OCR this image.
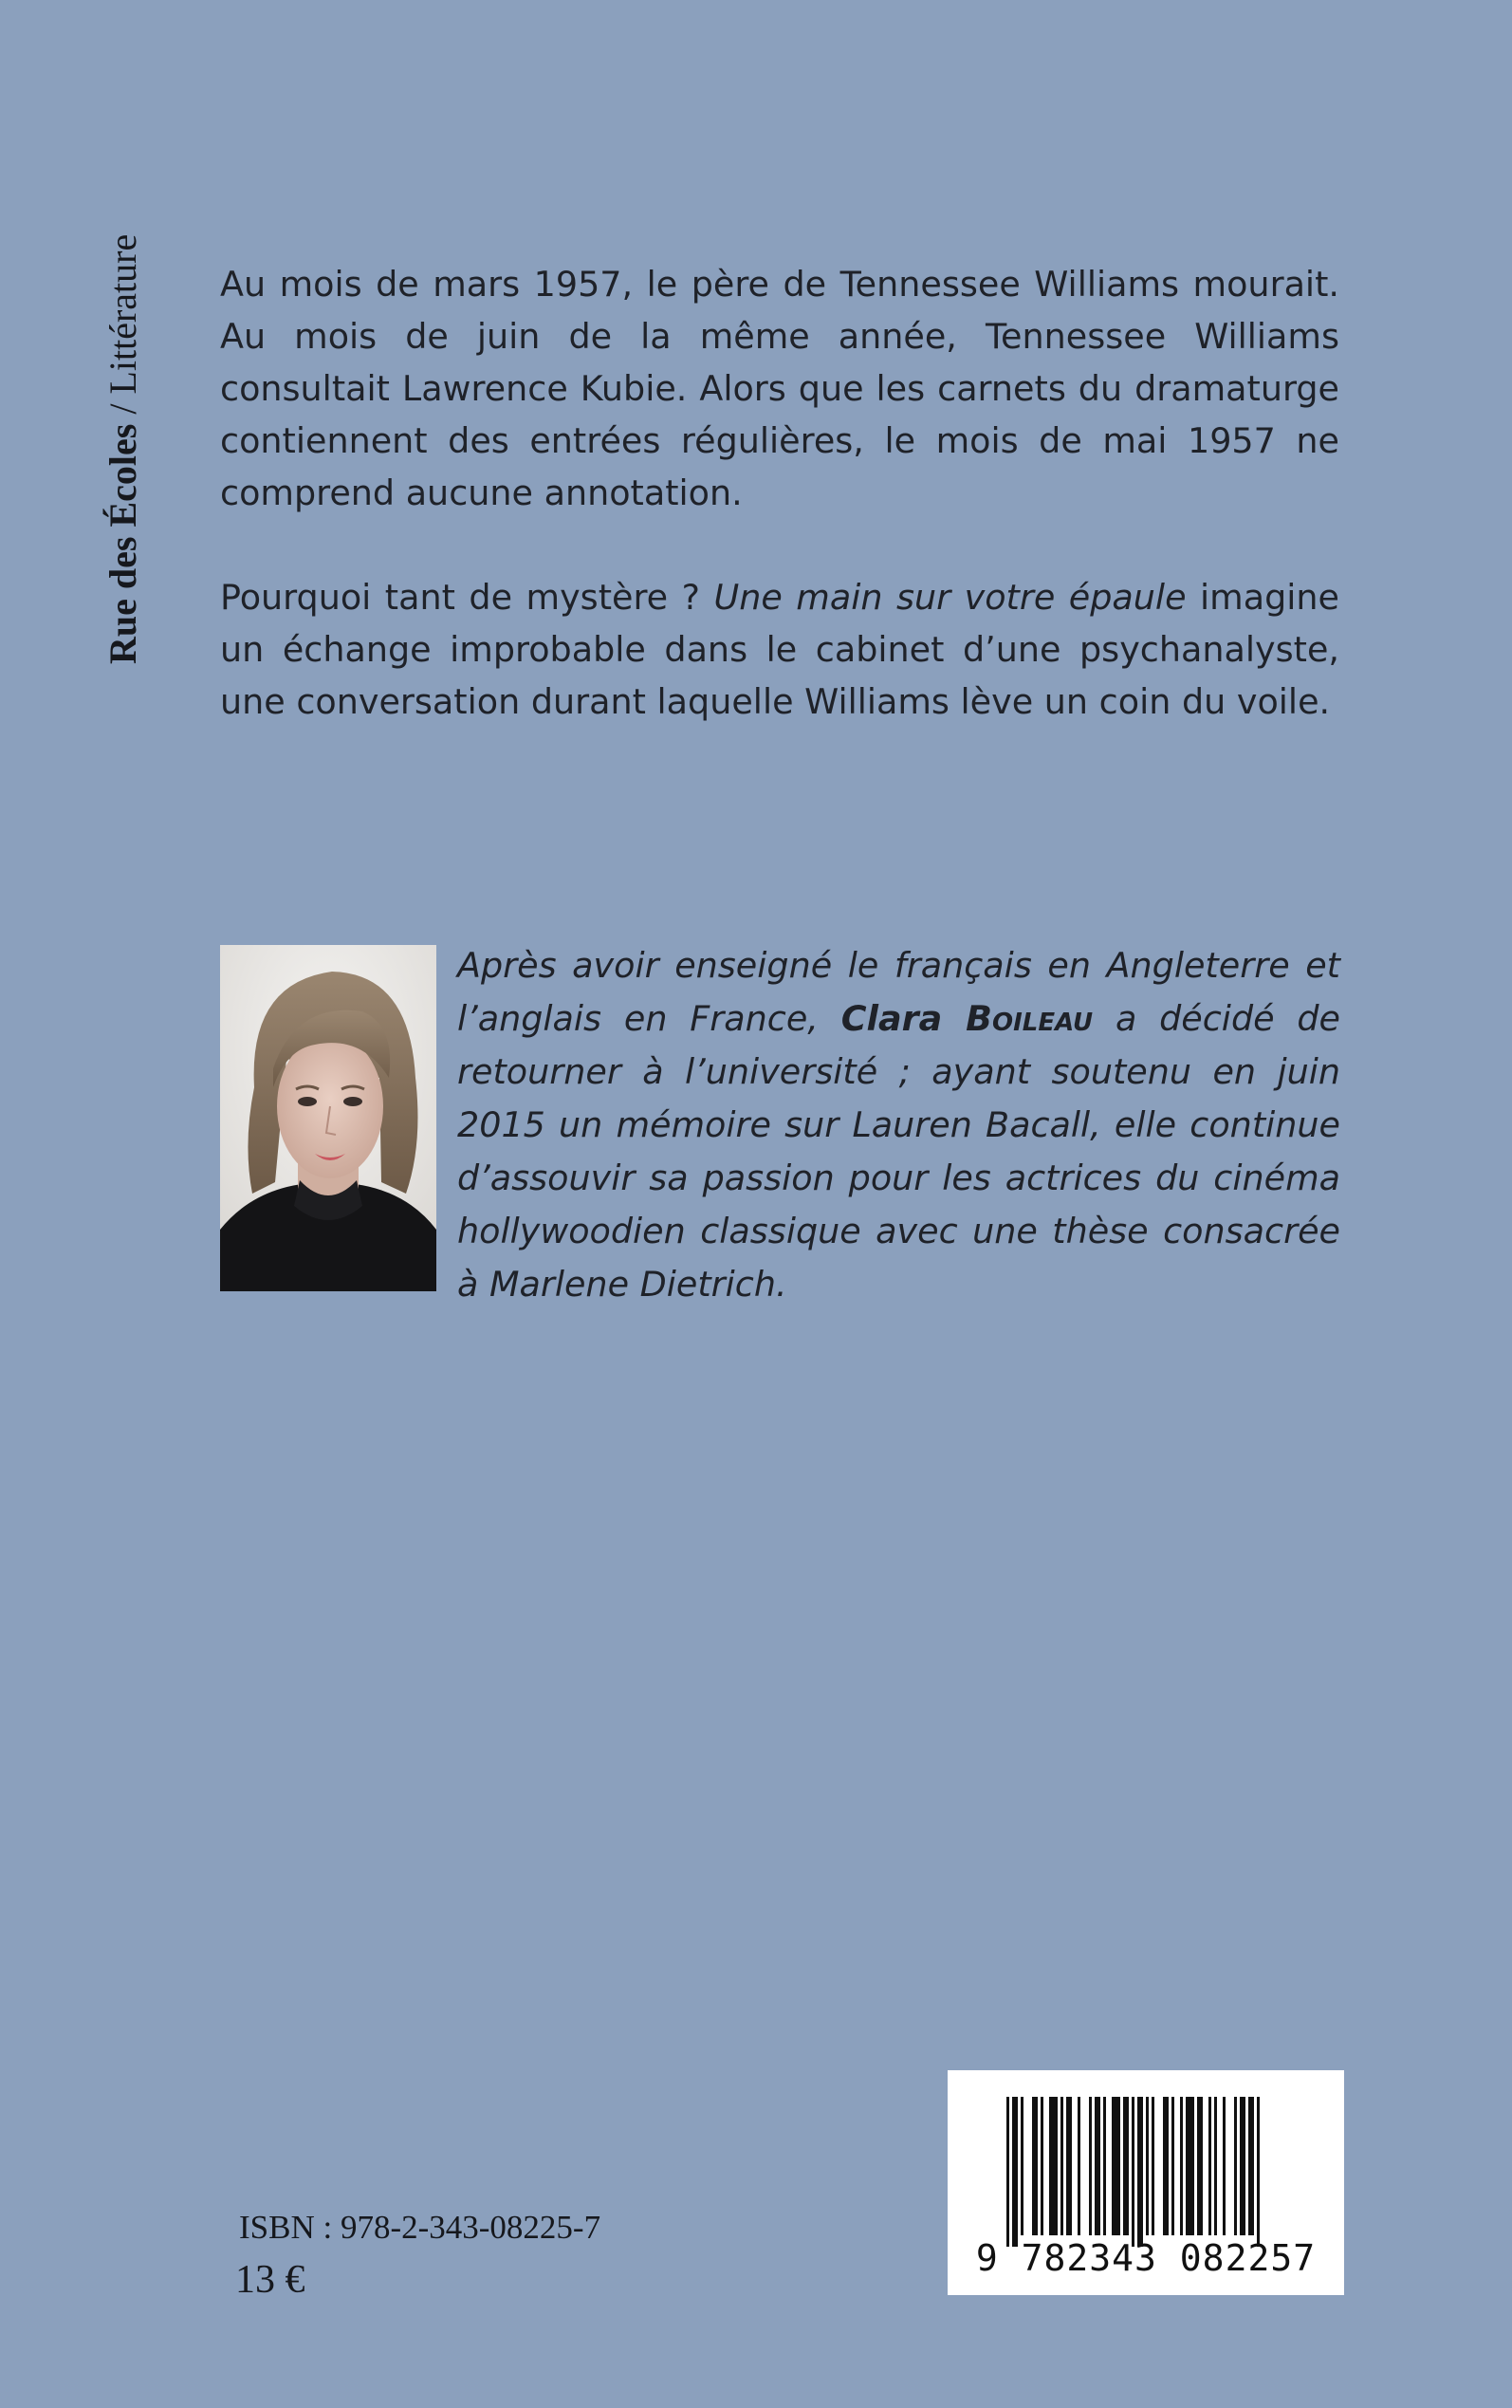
Rue des Écoles / Littérature Au mois de mars 1957, le père de Tennessee Williams mourait. Au mois de juin de la même année, Tennessee Williams consultait Lawrence Kubie. Alors que les carnets du dramaturge contiennent des entrées régulières, le mois de mai 1957 ne comprend aucune annotation.

Pourquoi tant de mystère ? Une main sur votre épaule imagine un échange improbable dans le cabinet d’une psychanalyste, une conversation durant laquelle Williams lève un coin du voile.

Après avoir enseigné le français en Angleterre et l’anglais en France, Clara Boileau a décidé de retourner à l’université ; ayant soutenu en juin 2015 un mémoire sur Lauren Bacall, elle continue d’assouvir sa passion pour les actrices du cinéma hollywoodien classique avec une thèse consacrée à Marlene Dietrich.

ISBN : 978-2-343-08225-7
13 €	9 782343 082257
